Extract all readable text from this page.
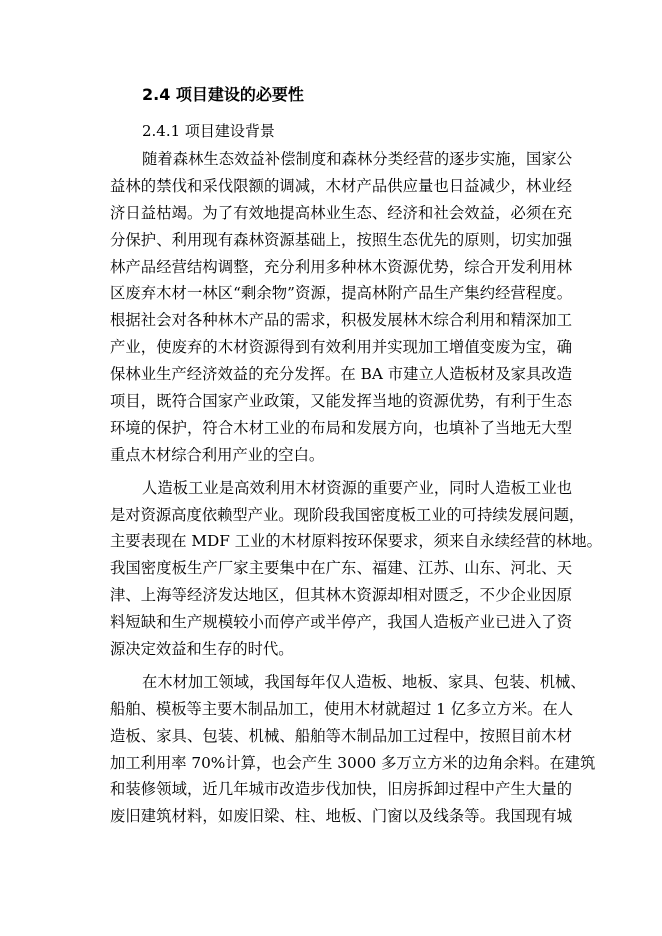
2.4 项目建设的必要性
2.4.1 项目建设背景
随着森林生态效益补偿制度和森林分类经营的逐步实施，国家公
益林的禁伐和采伐限额的调减，木材产品供应量也日益减少，林业经
济日益枯竭。为了有效地提高林业生态、经济和社会效益，必须在充
分保护、利用现有森林资源基础上，按照生态优先的原则，切实加强
林产品经营结构调整，充分利用多种林木资源优势，综合开发利用林
区废弃木材一林区“剩余物”资源，提高林附产品生产集约经营程度。
根据社会对各种林木产品的需求，积极发展林木综合利用和精深加工
产业，使废弃的木材资源得到有效利用并实现加工增值变废为宝，确
保林业生产经济效益的充分发挥。在 BA 市建立人造板材及家具改造
项目，既符合国家产业政策，又能发挥当地的资源优势，有利于生态
环境的保护，符合木材工业的布局和发展方向，也填补了当地无大型
重点木材综合利用产业的空白。
人造板工业是高效利用木材资源的重要产业，同时人造板工业也
是对资源高度依赖型产业。现阶段我国密度板工业的可持续发展问题，
主要表现在 MDF 工业的木材原料按环保要求，须来自永续经营的林地。
我国密度板生产厂家主要集中在广东、福建、江苏、山东、河北、天
津、上海等经济发达地区，但其林木资源却相对匮乏，不少企业因原
料短缺和生产规模较小而停产或半停产，我国人造板产业已进入了资
源决定效益和生存的时代。
在木材加工领域，我国每年仅人造板、地板、家具、包装、机械、
船舶、模板等主要木制品加工，使用木材就超过 1 亿多立方米。在人
造板、家具、包装、机械、船舶等木制品加工过程中，按照目前木材
加工利用率 70%计算，也会产生 3000 多万立方米的边角余料。在建筑
和装修领域，近几年城市改造步伐加快，旧房拆卸过程中产生大量的
废旧建筑材料，如废旧梁、柱、地板、门窗以及线条等。我国现有城
